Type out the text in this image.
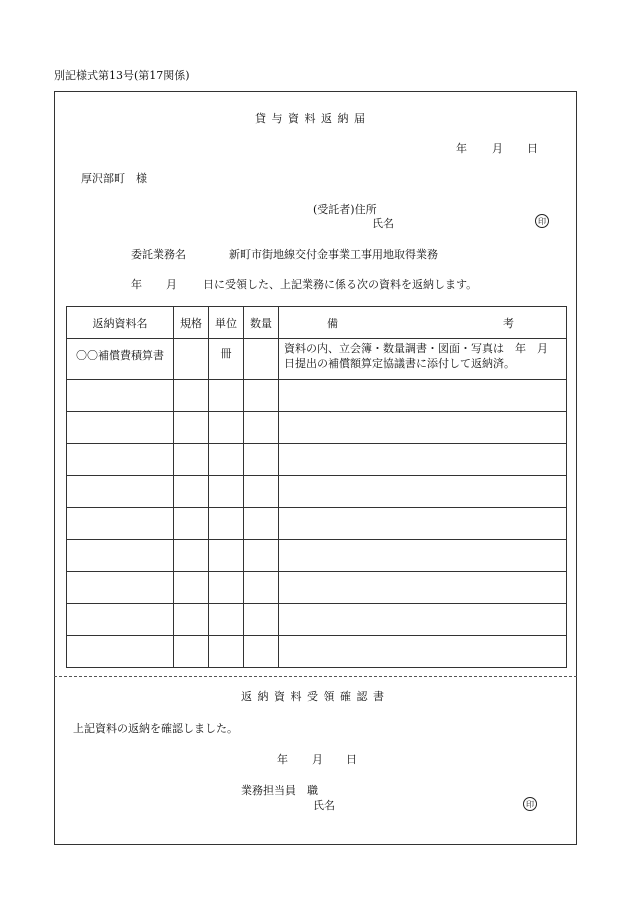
別記様式第13号(第17関係)
貸 与 資 料 返 納 届
年 月 日
厚沢部町　様
(受託者)住所
氏名	印
委託業務名	新町市街地線交付金事業工事用地取得業務
年 月 日に受領した、上記業務に係る次の資料を返納します。
返納資料名	規格	単位	数量	備 考

〇〇補償費積算書		冊		資料の内、立会簿・数量調書・図面・写真は　年　月　日提出の補償額算定協議書に添付して返納済。

返 納 資 料 受 領 確 認 書
上記資料の返納を確認しました。
年 月 日
業務担当員　職
氏名	印
